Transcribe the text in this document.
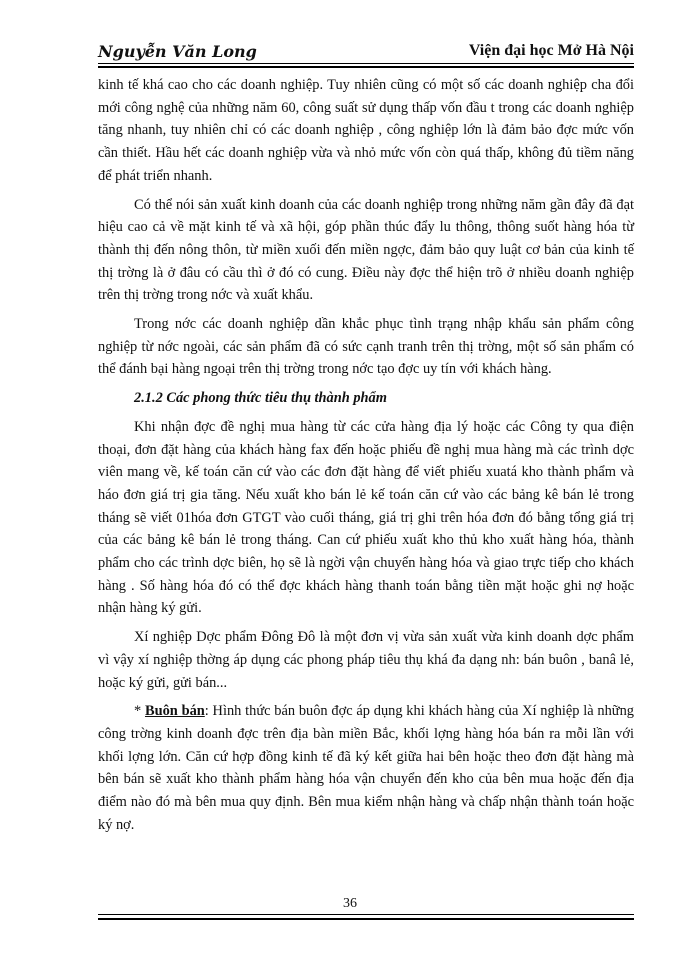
Nguyễn Văn Long	Viện đại học Mở Hà Nội

kinh tế khá cao cho các doanh nghiệp. Tuy nhiên cũng có một số các doanh nghiệp cha đổi mới công nghệ của những năm 60, công suất sử dụng thấp vốn đầu t trong các doanh nghiệp tăng nhanh, tuy nhiên chỉ có các doanh nghiệp , công nghiệp lớn là đảm bảo đợc mức vốn cần thiết. Hầu hết các doanh nghiệp vừa và nhỏ mức vốn còn quá thấp, không đủ tiềm năng để phát triển nhanh.

Có thể nói sản xuất kinh doanh của các doanh nghiệp trong những năm gần đây đã đạt hiệu cao cả về mặt kinh tế và xã hội, góp phần thúc đẩy lu thông, thông suốt hàng hóa từ thành thị đến nông thôn, từ miền xuối đến miền ngợc, đảm bảo quy luật cơ bản của kinh tế thị trờng là ở đâu có cầu thì ở đó có cung. Điều này đợc thể hiện trõ ở nhiều doanh nghiệp trên thị trờng trong nớc và xuất khẩu.

Trong nớc các doanh nghiệp dần khắc phục tình trạng nhập khẩu sản phẩm công nghiệp từ nớc ngoài, các sản phẩm đã có sức cạnh tranh trên thị trờng, một số sản phẩm có thể đánh bại hàng ngoại trên thị trờng trong nớc tạo đợc uy tín với khách hàng.

2.1.2 Các phong thức tiêu thụ thành phẩm

Khi nhận đợc đề nghị mua hàng từ các cửa hàng địa lý hoặc các Công ty qua điện thoại, đơn đặt hàng của khách hàng fax đến hoặc phiếu đề nghị mua hàng mà các trình dợc viên mang về, kế toán căn cứ vào các đơn đặt hàng để viết phiếu xuatá kho thành phẩm và háo đơn giá trị gia tăng. Nếu xuất kho bán lẻ kế toán căn cứ vào các bảng kê bán lẻ trong tháng sẽ viết 01hóa đơn GTGT vào cuối tháng, giá trị ghi trên hóa đơn đó bằng tổng giá trị của các bảng kê bán lẻ trong tháng. Can cứ phiếu xuất kho thủ kho xuất hàng hóa, thành phẩm cho các trình dợc biên, họ sẽ là ngời vận chuyển hàng hóa và giao trực tiếp cho khách hàng . Số hàng hóa đó có thể đợc khách hàng thanh toán bằng tiền mặt hoặc ghi nợ hoặc nhận hàng ký gửi.

Xí nghiệp Dợc phẩm Đông Đô là một đơn vị vừa sản xuất vừa kinh doanh dợc phẩm vì vậy xí nghiệp thờng áp dụng các phong pháp tiêu thụ khá đa dạng nh: bán buôn , banâ lẻ, hoặc ký gửi, gửi bán...

* Buôn bán: Hình thức bán buôn đợc áp dụng khi khách hàng của Xí nghiệp là những công trờng kinh doanh đợc trên địa bàn miền Bắc, khối lợng hàng hóa bán ra mỗi lần với khối lợng lớn. Căn cứ hợp đồng kinh tế đã ký kết giữa hai bên hoặc theo đơn đặt hàng mà bên bán sẽ xuất kho thành phẩm hàng hóa vận chuyển đến kho của bên mua hoặc đến địa điểm nào đó mà bên mua quy định. Bên mua kiểm nhận hàng và chấp nhận thành toán hoặc ký nợ.

36
